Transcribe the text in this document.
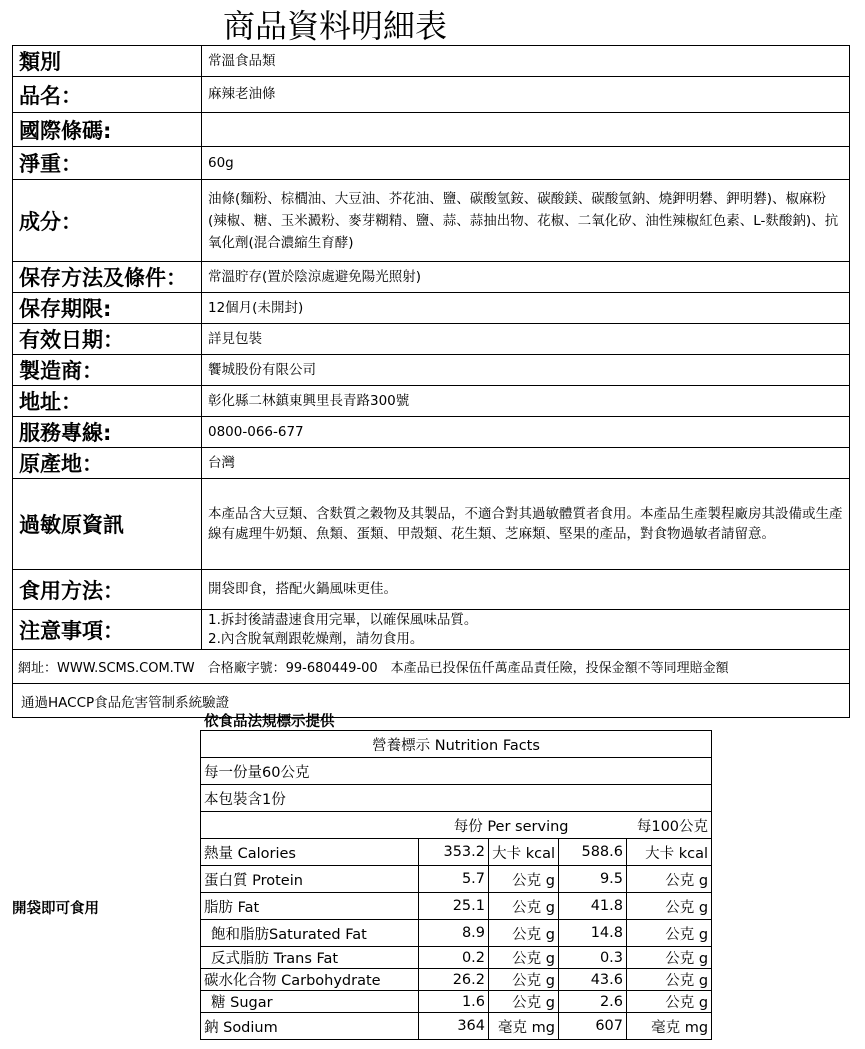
商品資料明細表
類別	常溫食品類
品名：	麻辣老油條
國際條碼:	
淨重：	60g
成分：	油條(麵粉、棕櫚油、大豆油、芥花油、鹽、碳酸氫銨、碳酸鎂、碳酸氫鈉、燒鉀明礬、鉀明礬)、椒麻粉(辣椒、糖、玉米澱粉、麥芽糊精、鹽、蒜、蒜抽出物、花椒、二氧化矽、油性辣椒紅色素、L-麩酸鈉)、抗氧化劑(混合濃縮生育酵)
保存方法及條件：	常溫貯存(置於陰涼處避免陽光照射)
保存期限:	12個月(未開封)
有效日期：	詳見包裝
製造商：	饗城股份有限公司
地址：	彰化縣二林鎮東興里長青路300號
服務專線:	0800-066-677
原產地：	台灣
過敏原資訊	本產品含大豆類、含麩質之穀物及其製品，不適合對其過敏體質者食用。本產品生產製程廠房其設備或生產線有處理牛奶類、魚類、蛋類、甲殼類、花生類、芝麻類、堅果的產品，對食物過敏者請留意。
食用方法：	開袋即食，搭配火鍋風味更佳。
注意事項：	1.拆封後請盡速食用完畢，以確保風味品質。
2.內含脫氧劑跟乾燥劑，請勿食用。

網址：WWW.SCMS.COM.TW　合格廠字號：99-680449-00　本產品已投保伍仟萬產品責任險，投保金額不等同理賠金額	
通過HACCP食品危害管制系統驗證	
依食品法規標示提供
開袋即可食用
營養標示 Nutrition Facts				
每一份量60公克				
本包裝含1份				
	每份 Per serving			每100公克
熱量 Calories	353.2	大卡 kcal	588.6	大卡 kcal
蛋白質 Protein	5.7	公克 g	9.5	公克 g
脂肪 Fat	25.1	公克 g	41.8	公克 g
飽和脂肪Saturated Fat	8.9	公克 g	14.8	公克 g
反式脂肪 Trans Fat	0.2	公克 g	0.3	公克 g
碳水化合物 Carbohydrate	26.2	公克 g	43.6	公克 g
糖 Sugar	1.6	公克 g	2.6	公克 g
鈉 Sodium	364	毫克 mg	607	毫克 mg
